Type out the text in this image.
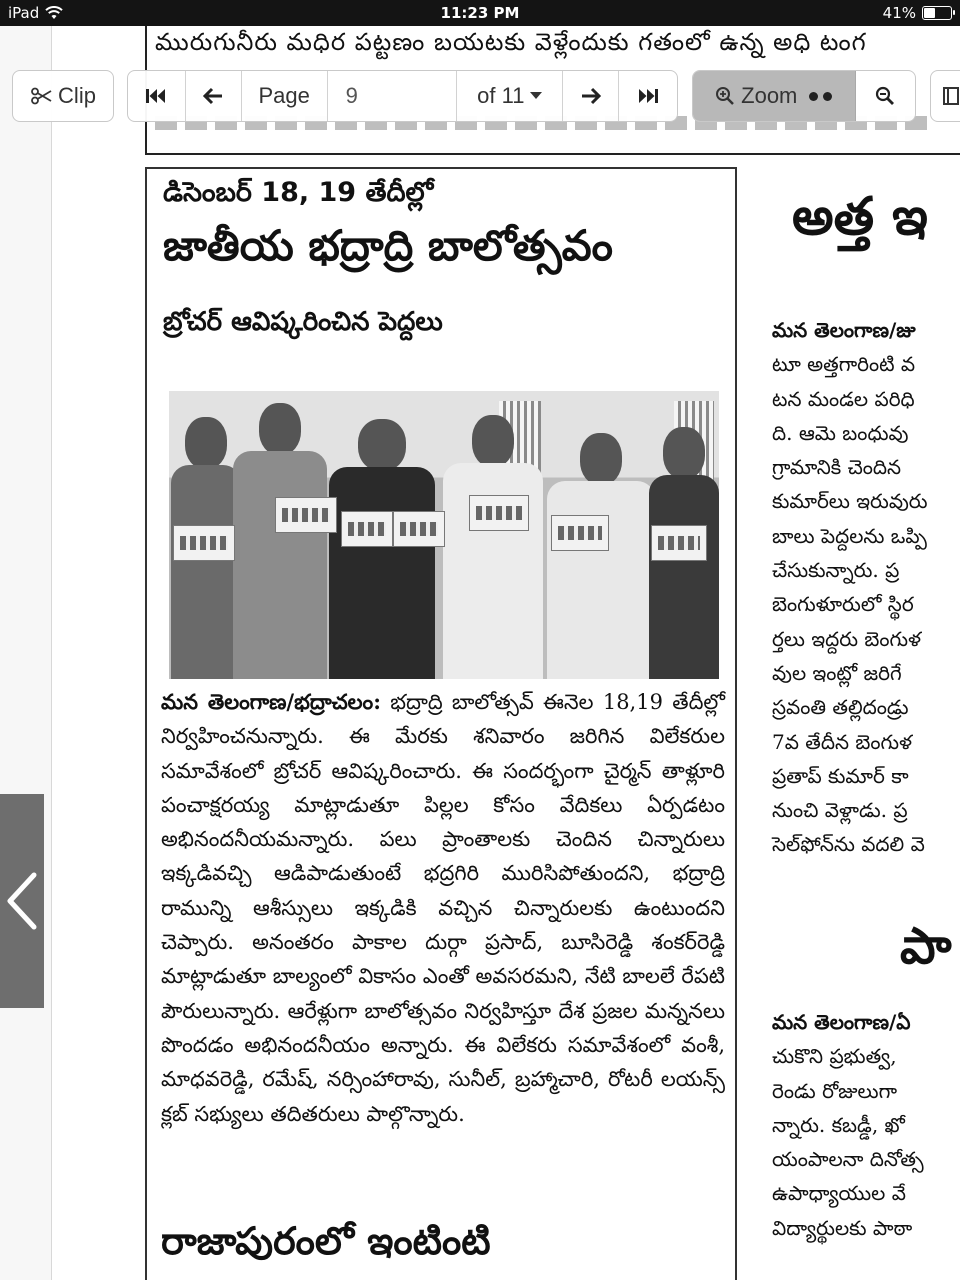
iPad	11:23 PM	41%
మురుగునీరు మధిర పట్టణం బయటకు వెళ్లేందుకు గతంలో ఉన్న అధి టంగ
డిసెంబర్ 18, 19 తేదీల్లో
జాతీయ భద్రాద్రి బాలోత్సవం
బ్రోచర్ ఆవిష్కరించిన పెద్దలు
మన తెలంగాణ/భద్రాచలం: భద్రాద్రి బాలోత్సవ్ ఈనెల 18,19 తేదీల్లో నిర్వహించనున్నారు. ఈ మేరకు శనివారం జరిగిన విలేకరుల సమావేశంలో బ్రోచర్ ఆవిష్కరించారు. ఈ సందర్భంగా చైర్మన్ తాళ్లూరి పంచాక్షరయ్య మాట్లాడుతూ పిల్లల కోసం వేదికలు ఏర్పడటం అభినందనీయమన్నారు. పలు ప్రాంతాలకు చెందిన చిన్నారులు ఇక్కడివచ్చి ఆడిపాడుతుంటే భద్రగిరి మురిసిపోతుందని, భద్రాద్రి రామున్ని ఆశీస్సులు ఇక్కడికి వచ్చిన చిన్నారులకు ఉంటుందని చెప్పారు. అనంతరం పాకాల దుర్గా ప్రసాద్, బూసిరెడ్డి శంకర్‌రెడ్డి మాట్లాడుతూ బాల్యంలో వికాసం ఎంతో అవసరమని, నేటి బాలలే రేపటి పౌరులున్నారు. ఆరేళ్లుగా బాలోత్సవం నిర్వహిస్తూ దేశ ప్రజల మన్ననలు పొందడం అభినందనీయం అన్నారు. ఈ విలేకరు సమావేశంలో వంశీ, మాధవరెడ్డి, రమేష్, నర్సింహారావు, సునీల్, బ్రహ్మాచారి, రోటరీ లయన్స్ క్లబ్ సభ్యులు తదితరులు పాల్గొన్నారు.
రాజాపురంలో ఇంటింటి
అత్త ఇ
మన తెలంగాణ/జు
టూ అత్తగారింటి వ
టన మండల పరిధి
ది. ఆమె బంధువు
గ్రామానికి చెందిన
కుమార్‌లు ఇరువురు
బాలు పెద్దలను ఒప్పి
చేసుకున్నారు. ప్ర
బెంగుళూరులో స్థిర
ర్తలు ఇద్దరు బెంగుళ
వుల ఇంట్లో జరిగే
స్రవంతి తల్లిదండ్రు
7వ తేదీన బెంగుళ
ప్రతాప్ కుమార్ కా
నుంచి వెళ్లాడు. ప్ర
సెల్‌ఫోన్‌ను వదలి వె
పా
మన తెలంగాణ/ఏ
చుకొని ప్రభుత్వ,
రెండు రోజులుగా
న్నారు. కబడ్డీ, ఖో
యంపాలనా దినోత్స
ఉపాధ్యాయుల వే
విద్యార్థులకు పాఠా
Clip	Page	9	of 11	Zoom
